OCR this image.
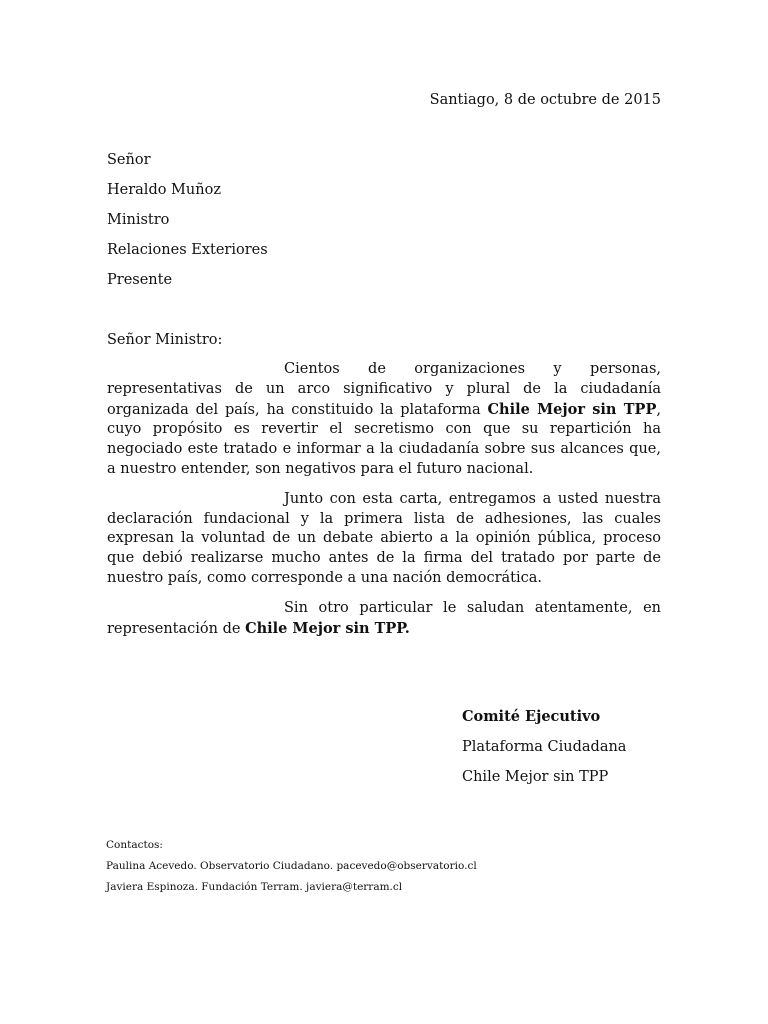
Santiago, 8 de octubre de 2015
Señor
Heraldo Muñoz
Ministro
Relaciones Exteriores
Presente
Señor Ministro:

Cientos de organizaciones y personas, representativas de un arco significativo y plural de la ciudadanía organizada del país, ha constituido la plataforma Chile Mejor sin TPP, cuyo propósito es revertir el secretismo con que su repartición ha negociado este tratado e informar a la ciudadanía sobre sus alcances que, a nuestro entender, son negativos para el futuro nacional.

Junto con esta carta, entregamos a usted nuestra declaración fundacional y la primera lista de adhesiones, las cuales expresan la voluntad de un debate abierto a la opinión pública, proceso que debió realizarse mucho antes de la firma del tratado por parte de nuestro país, como corresponde a una nación democrática.

Sin otro particular le saludan atentamente, en representación de Chile Mejor sin TPP.

Comité Ejecutivo
Plataforma Ciudadana
Chile Mejor sin TPP
Contactos:
Paulina Acevedo. Observatorio Ciudadano. pacevedo@observatorio.cl
Javiera Espinoza. Fundación Terram. javiera@terram.cl
